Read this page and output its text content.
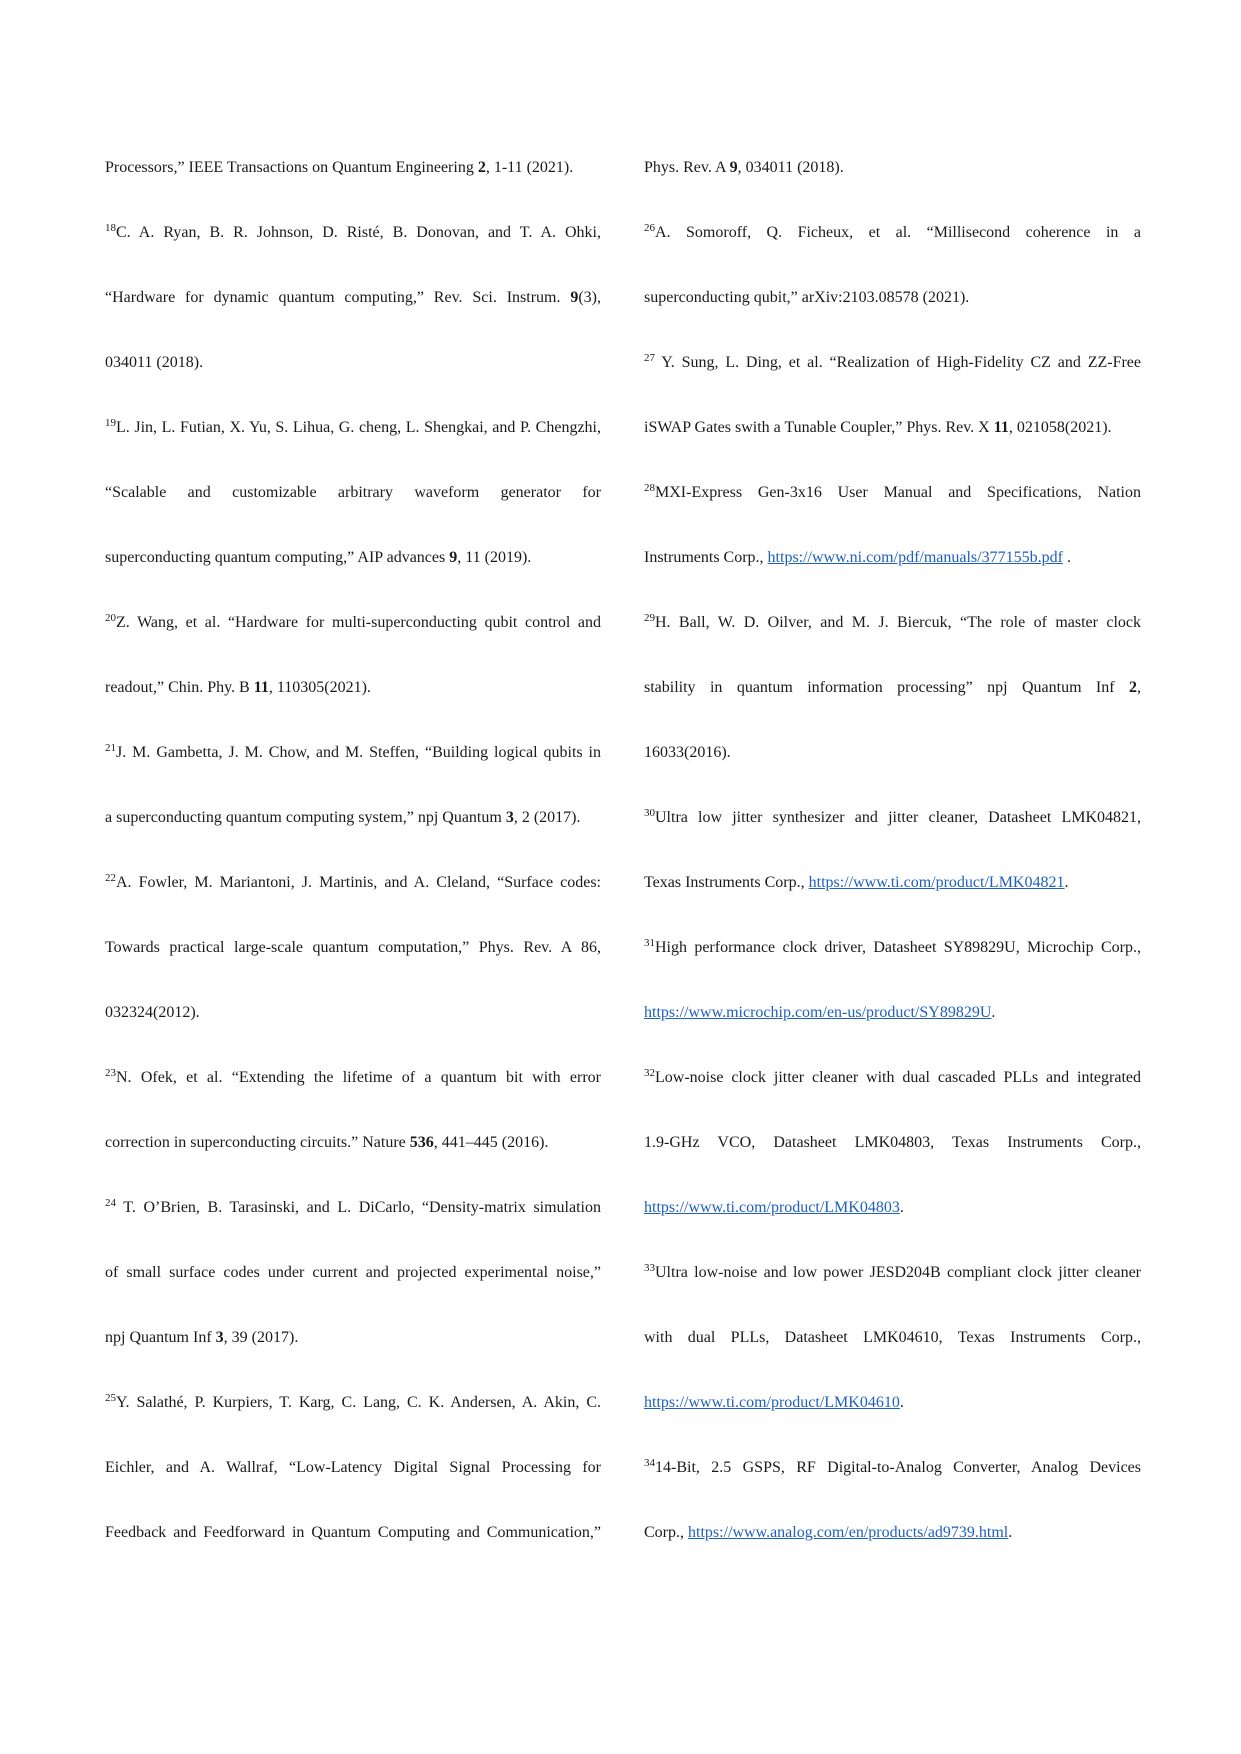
Processors,” IEEE Transactions on Quantum Engineering 2, 1-11 (2021).
$^{18}$C. A. Ryan, B. R. Johnson, D. Risté, B. Donovan, and T. A. Ohki,
“Hardware for dynamic quantum computing,” Rev. Sci. Instrum. 9(3),
034011 (2018).
$^{19}$L. Jin, L. Futian, X. Yu, S. Lihua, G. cheng, L. Shengkai, and P. Chengzhi,
“Scalable and customizable arbitrary waveform generator for
superconducting quantum computing,” AIP advances 9, 11 (2019).
$^{20}$Z. Wang, et al. “Hardware for multi-superconducting qubit control and
readout,” Chin. Phy. B 11, 110305(2021).
$^{21}$J. M. Gambetta, J. M. Chow, and M. Steffen, “Building logical qubits in
a superconducting quantum computing system,” npj Quantum 3, 2 (2017).
$^{22}$A. Fowler, M. Mariantoni, J. Martinis, and A. Cleland, “Surface codes:
Towards practical large-scale quantum computation,” Phys. Rev. A 86,
032324(2012).
$^{23}$N. Ofek, et al. “Extending the lifetime of a quantum bit with error
correction in superconducting circuits.” Nature 536, 441–445 (2016).
$^{24}$ T. O’Brien, B. Tarasinski, and L. DiCarlo, “Density-matrix simulation
of small surface codes under current and projected experimental noise,”
npj Quantum Inf 3, 39 (2017).
$^{25}$Y. Salathé, P. Kurpiers, T. Karg, C. Lang, C. K. Andersen, A. Akin, C.
Eichler, and A. Wallraf, “Low-Latency Digital Signal Processing for
Feedback and Feedforward in Quantum Computing and Communication,”
Phys. Rev. A 9, 034011 (2018).
$^{26}$A. Somoroff, Q. Ficheux, et al. “Millisecond coherence in a
superconducting qubit,” arXiv:2103.08578 (2021).
$^{27}$ Y. Sung, L. Ding, et al. “Realization of High-Fidelity CZ and ZZ-Free
iSWAP Gates swith a Tunable Coupler,” Phys. Rev. X 11, 021058(2021).
$^{28}$MXI-Express Gen-3x16 User Manual and Specifications, Nation
Instruments Corp., https://www.ni.com/pdf/manuals/377155b.pdf .
$^{29}$H. Ball, W. D. Oilver, and M. J. Biercuk, “The role of master clock
stability in quantum information processing” npj Quantum Inf 2,
16033(2016).
$^{30}$Ultra low jitter synthesizer and jitter cleaner, Datasheet LMK04821,
Texas Instruments Corp., https://www.ti.com/product/LMK04821.
$^{31}$High performance clock driver, Datasheet SY89829U, Microchip Corp.,
https://www.microchip.com/en-us/product/SY89829U.
$^{32}$Low-noise clock jitter cleaner with dual cascaded PLLs and integrated
1.9-GHz VCO, Datasheet LMK04803, Texas Instruments Corp.,
https://www.ti.com/product/LMK04803.
$^{33}$Ultra low-noise and low power JESD204B compliant clock jitter cleaner
with dual PLLs, Datasheet LMK04610, Texas Instruments Corp.,
https://www.ti.com/product/LMK04610.
$^{34}$14-Bit, 2.5 GSPS, RF Digital-to-Analog Converter, Analog Devices
Corp., https://www.analog.com/en/products/ad9739.html.
